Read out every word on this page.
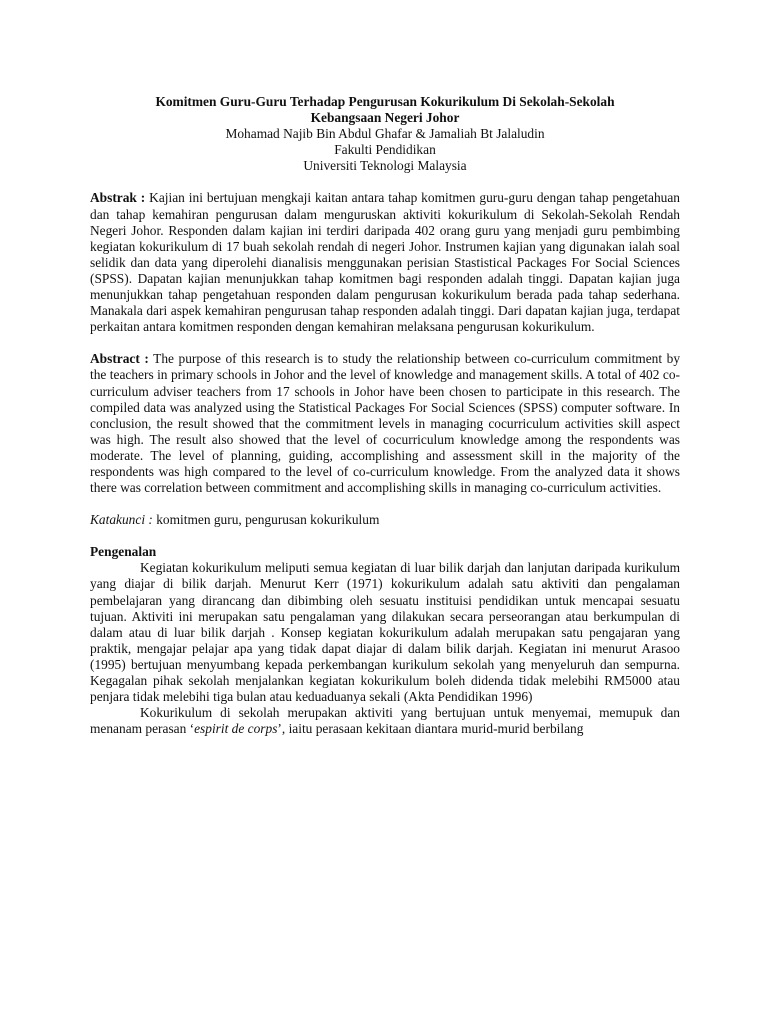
Komitmen Guru-Guru Terhadap Pengurusan Kokurikulum Di Sekolah-Sekolah

Kebangsaan Negeri Johor

Mohamad Najib Bin Abdul Ghafar & Jamaliah Bt Jalaludin

Fakulti Pendidikan

Universiti Teknologi Malaysia

Abstrak : Kajian ini bertujuan mengkaji kaitan antara tahap komitmen guru-guru dengan tahap pengetahuan dan tahap kemahiran pengurusan dalam menguruskan aktiviti kokurikulum di Sekolah-Sekolah Rendah Negeri Johor. Responden dalam kajian ini terdiri daripada 402 orang guru yang menjadi guru pembimbing kegiatan kokurikulum di 17 buah sekolah rendah di negeri Johor. Instrumen kajian yang digunakan ialah soal selidik dan data yang diperolehi dianalisis menggunakan perisian Stastistical Packages For Social Sciences (SPSS). Dapatan kajian menunjukkan tahap komitmen bagi responden adalah tinggi. Dapatan kajian juga menunjukkan tahap pengetahuan responden dalam pengurusan kokurikulum berada pada tahap sederhana. Manakala dari aspek kemahiran pengurusan tahap responden adalah tinggi. Dari dapatan kajian juga, terdapat perkaitan antara komitmen responden dengan kemahiran melaksana pengurusan kokurikulum.

Abstract : The purpose of this research is to study the relationship between co-curriculum commitment by the teachers in primary schools in Johor and the level of knowledge and management skills. A total of 402 co-curriculum adviser teachers from 17 schools in Johor have been chosen to participate in this research. The compiled data was analyzed using the Statistical Packages For Social Sciences (SPSS) computer software. In conclusion, the result showed that the commitment levels in managing cocurriculum activities skill aspect was high. The result also showed that the level of cocurriculum knowledge among the respondents was moderate. The level of planning, guiding, accomplishing and assessment skill in the majority of the respondents was high compared to the level of co-curriculum knowledge. From the analyzed data it shows there was correlation between commitment and accomplishing skills in managing co-curriculum activities.

Katakunci : komitmen guru, pengurusan kokurikulum

Pengenalan

Kegiatan kokurikulum meliputi semua kegiatan di luar bilik darjah dan lanjutan daripada kurikulum yang diajar di bilik darjah. Menurut Kerr (1971) kokurikulum adalah satu aktiviti dan pengalaman pembelajaran yang dirancang dan dibimbing oleh sesuatu instituisi pendidikan untuk mencapai sesuatu tujuan. Aktiviti ini merupakan satu pengalaman yang dilakukan secara perseorangan atau berkumpulan di dalam atau di luar bilik darjah . Konsep kegiatan kokurikulum adalah merupakan satu pengajaran yang praktik, mengajar pelajar apa yang tidak dapat diajar di dalam bilik darjah. Kegiatan ini menurut Arasoo (1995) bertujuan menyumbang kepada perkembangan kurikulum sekolah yang menyeluruh dan sempurna. Kegagalan pihak sekolah menjalankan kegiatan kokurikulum boleh didenda tidak melebihi RM5000 atau penjara tidak melebihi tiga bulan atau keduaduanya sekali (Akta Pendidikan 1996)

Kokurikulum di sekolah merupakan aktiviti yang bertujuan untuk menyemai, memupuk dan menanam perasan ‘espirit de corps’, iaitu perasaan kekitaan diantara murid-murid berbilang
